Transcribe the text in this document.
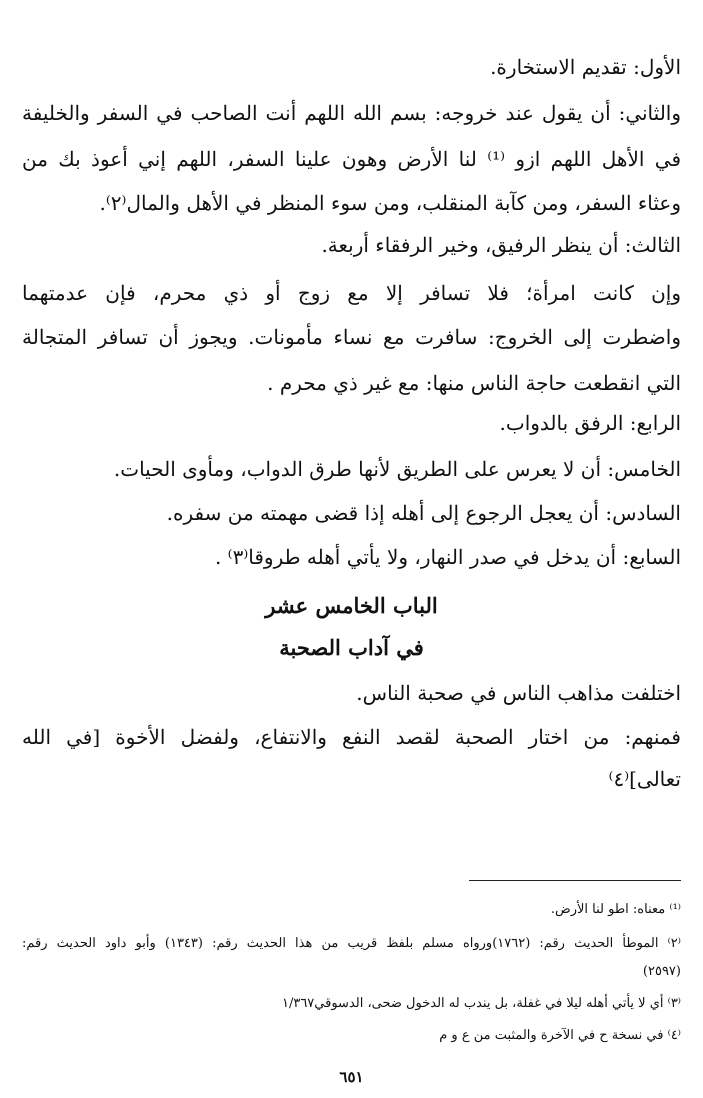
الأول: تقديم الاستخارة.
والثاني: أن يقول عند خروجه: بسم الله اللهم أنت الصاحب في السفر والخليفة
في الأهل اللهم ازو ⁽¹⁾ لنا الأرض وهون علينا السفر، اللهم إني أعوذ بك من
وعثاء السفر، ومن كآبة المنقلب، ومن سوء المنظر في الأهل والمال⁽٢⁾.
الثالث: أن ينظر الرفيق، وخير الرفقاء أربعة.
وإن كانت امرأة؛ فلا تسافر إلا مع زوج أو ذي محرم، فإن عدمتهما
واضطرت إلى الخروج: سافرت مع نساء مأمونات. ويجوز أن تسافر المتجالة
التي انقطعت حاجة الناس منها: مع غير ذي محرم .
الرابع: الرفق بالدواب.
الخامس: أن لا يعرس على الطريق لأنها طرق الدواب، ومأوى الحيات.
السادس: أن يعجل الرجوع إلى أهله إذا قضى مهمته من سفره.
السابع: أن يدخل في صدر النهار، ولا يأتي أهله طروقا⁽٣⁾ .
الباب الخامس عشر
في آداب الصحبة
اختلفت مذاهب الناس في صحبة الناس.
فمنهم: من اختار الصحبة لقصد النفع والانتفاع، ولفضل الأخوة [في الله
تعالى]⁽٤⁾
⁽¹⁾ معناه: اطو لنا الأرض.
⁽٢⁾ الموطأ الحديث رقم: (١٧٦٢)ورواه مسلم بلفظ قريب من هذا الحديث رقم: (١٣٤٣) وأبو داود الحديث رقم:
(٢٥٩٧)
⁽٣⁾ أي لا يأتي أهله ليلا في غفلة، بل يندب له الدخول ضحى، الدسوقي١/٣٦٧
⁽٤⁾ في نسخة ح في الآخرة والمثبت من ع و م
٦٥١
